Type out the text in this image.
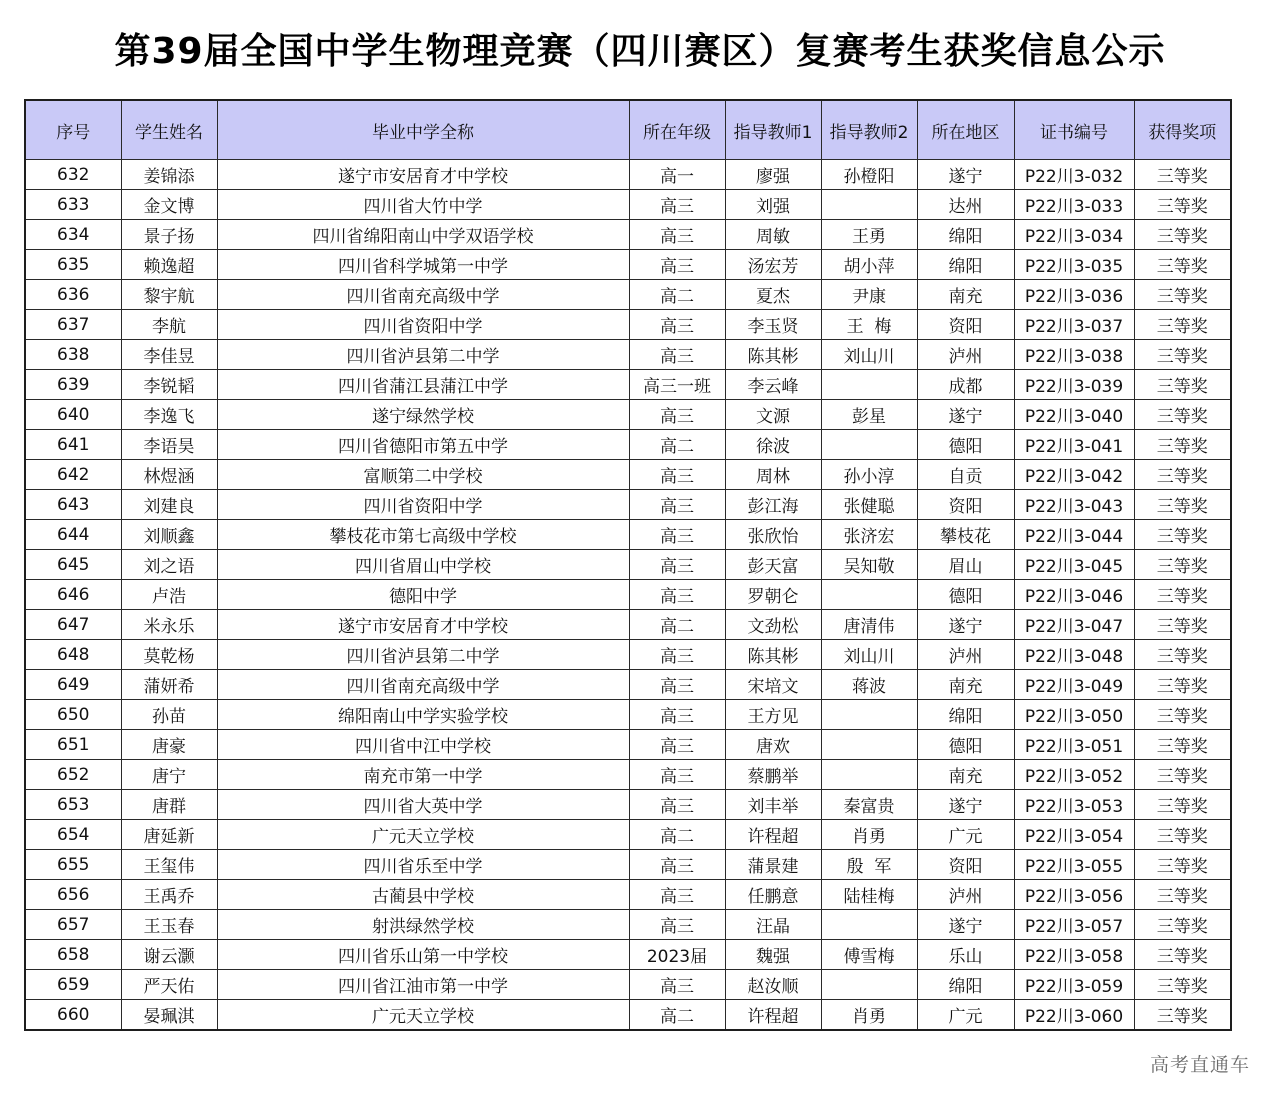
第39届全国中学生物理竞赛（四川赛区）复赛考生获奖信息公示
序号	学生姓名	毕业中学全称	所在年级	指导教师1	指导教师2	所在地区	证书编号	获得奖项
632	姜锦添	遂宁市安居育才中学校	高一	廖强	孙橙阳	遂宁	P22川3-032	三等奖
633	金文博	四川省大竹中学	高三	刘强		达州	P22川3-033	三等奖
634	景子扬	四川省绵阳南山中学双语学校	高三	周敏	王勇	绵阳	P22川3-034	三等奖
635	赖逸超	四川省科学城第一中学	高三	汤宏芳	胡小萍	绵阳	P22川3-035	三等奖
636	黎宇航	四川省南充高级中学	高二	夏杰	尹康	南充	P22川3-036	三等奖
637	李航	四川省资阳中学	高三	李玉贤	王  梅	资阳	P22川3-037	三等奖
638	李佳昱	四川省泸县第二中学	高三	陈其彬	刘山川	泸州	P22川3-038	三等奖
639	李锐韬	四川省蒲江县蒲江中学	高三一班	李云峰		成都	P22川3-039	三等奖
640	李逸飞	遂宁绿然学校	高三	文源	彭星	遂宁	P22川3-040	三等奖
641	李语昊	四川省德阳市第五中学	高二	徐波		德阳	P22川3-041	三等奖
642	林煜涵	富顺第二中学校	高三	周林	孙小淳	自贡	P22川3-042	三等奖
643	刘建良	四川省资阳中学	高三	彭江海	张健聪	资阳	P22川3-043	三等奖
644	刘顺鑫	攀枝花市第七高级中学校	高三	张欣怡	张济宏	攀枝花	P22川3-044	三等奖
645	刘之语	四川省眉山中学校	高三	彭天富	吴知敬	眉山	P22川3-045	三等奖
646	卢浩	德阳中学	高三	罗朝仑		德阳	P22川3-046	三等奖
647	米永乐	遂宁市安居育才中学校	高二	文劲松	唐清伟	遂宁	P22川3-047	三等奖
648	莫乾杨	四川省泸县第二中学	高三	陈其彬	刘山川	泸州	P22川3-048	三等奖
649	蒲妍希	四川省南充高级中学	高三	宋培文	蒋波	南充	P22川3-049	三等奖
650	孙苗	绵阳南山中学实验学校	高三	王方见		绵阳	P22川3-050	三等奖
651	唐豪	四川省中江中学校	高三	唐欢		德阳	P22川3-051	三等奖
652	唐宁	南充市第一中学	高三	蔡鹏举		南充	P22川3-052	三等奖
653	唐群	四川省大英中学	高三	刘丰举	秦富贵	遂宁	P22川3-053	三等奖
654	唐延新	广元天立学校	高二	许程超	肖勇	广元	P22川3-054	三等奖
655	王玺伟	四川省乐至中学	高三	蒲景建	殷  军	资阳	P22川3-055	三等奖
656	王禹乔	古蔺县中学校	高三	任鹏意	陆桂梅	泸州	P22川3-056	三等奖
657	王玉春	射洪绿然学校	高三	汪晶		遂宁	P22川3-057	三等奖
658	谢云灏	四川省乐山第一中学校	2023届	魏强	傅雪梅	乐山	P22川3-058	三等奖
659	严天佑	四川省江油市第一中学	高三	赵汝顺		绵阳	P22川3-059	三等奖
660	晏珮淇	广元天立学校	高二	许程超	肖勇	广元	P22川3-060	三等奖
高考直通车
